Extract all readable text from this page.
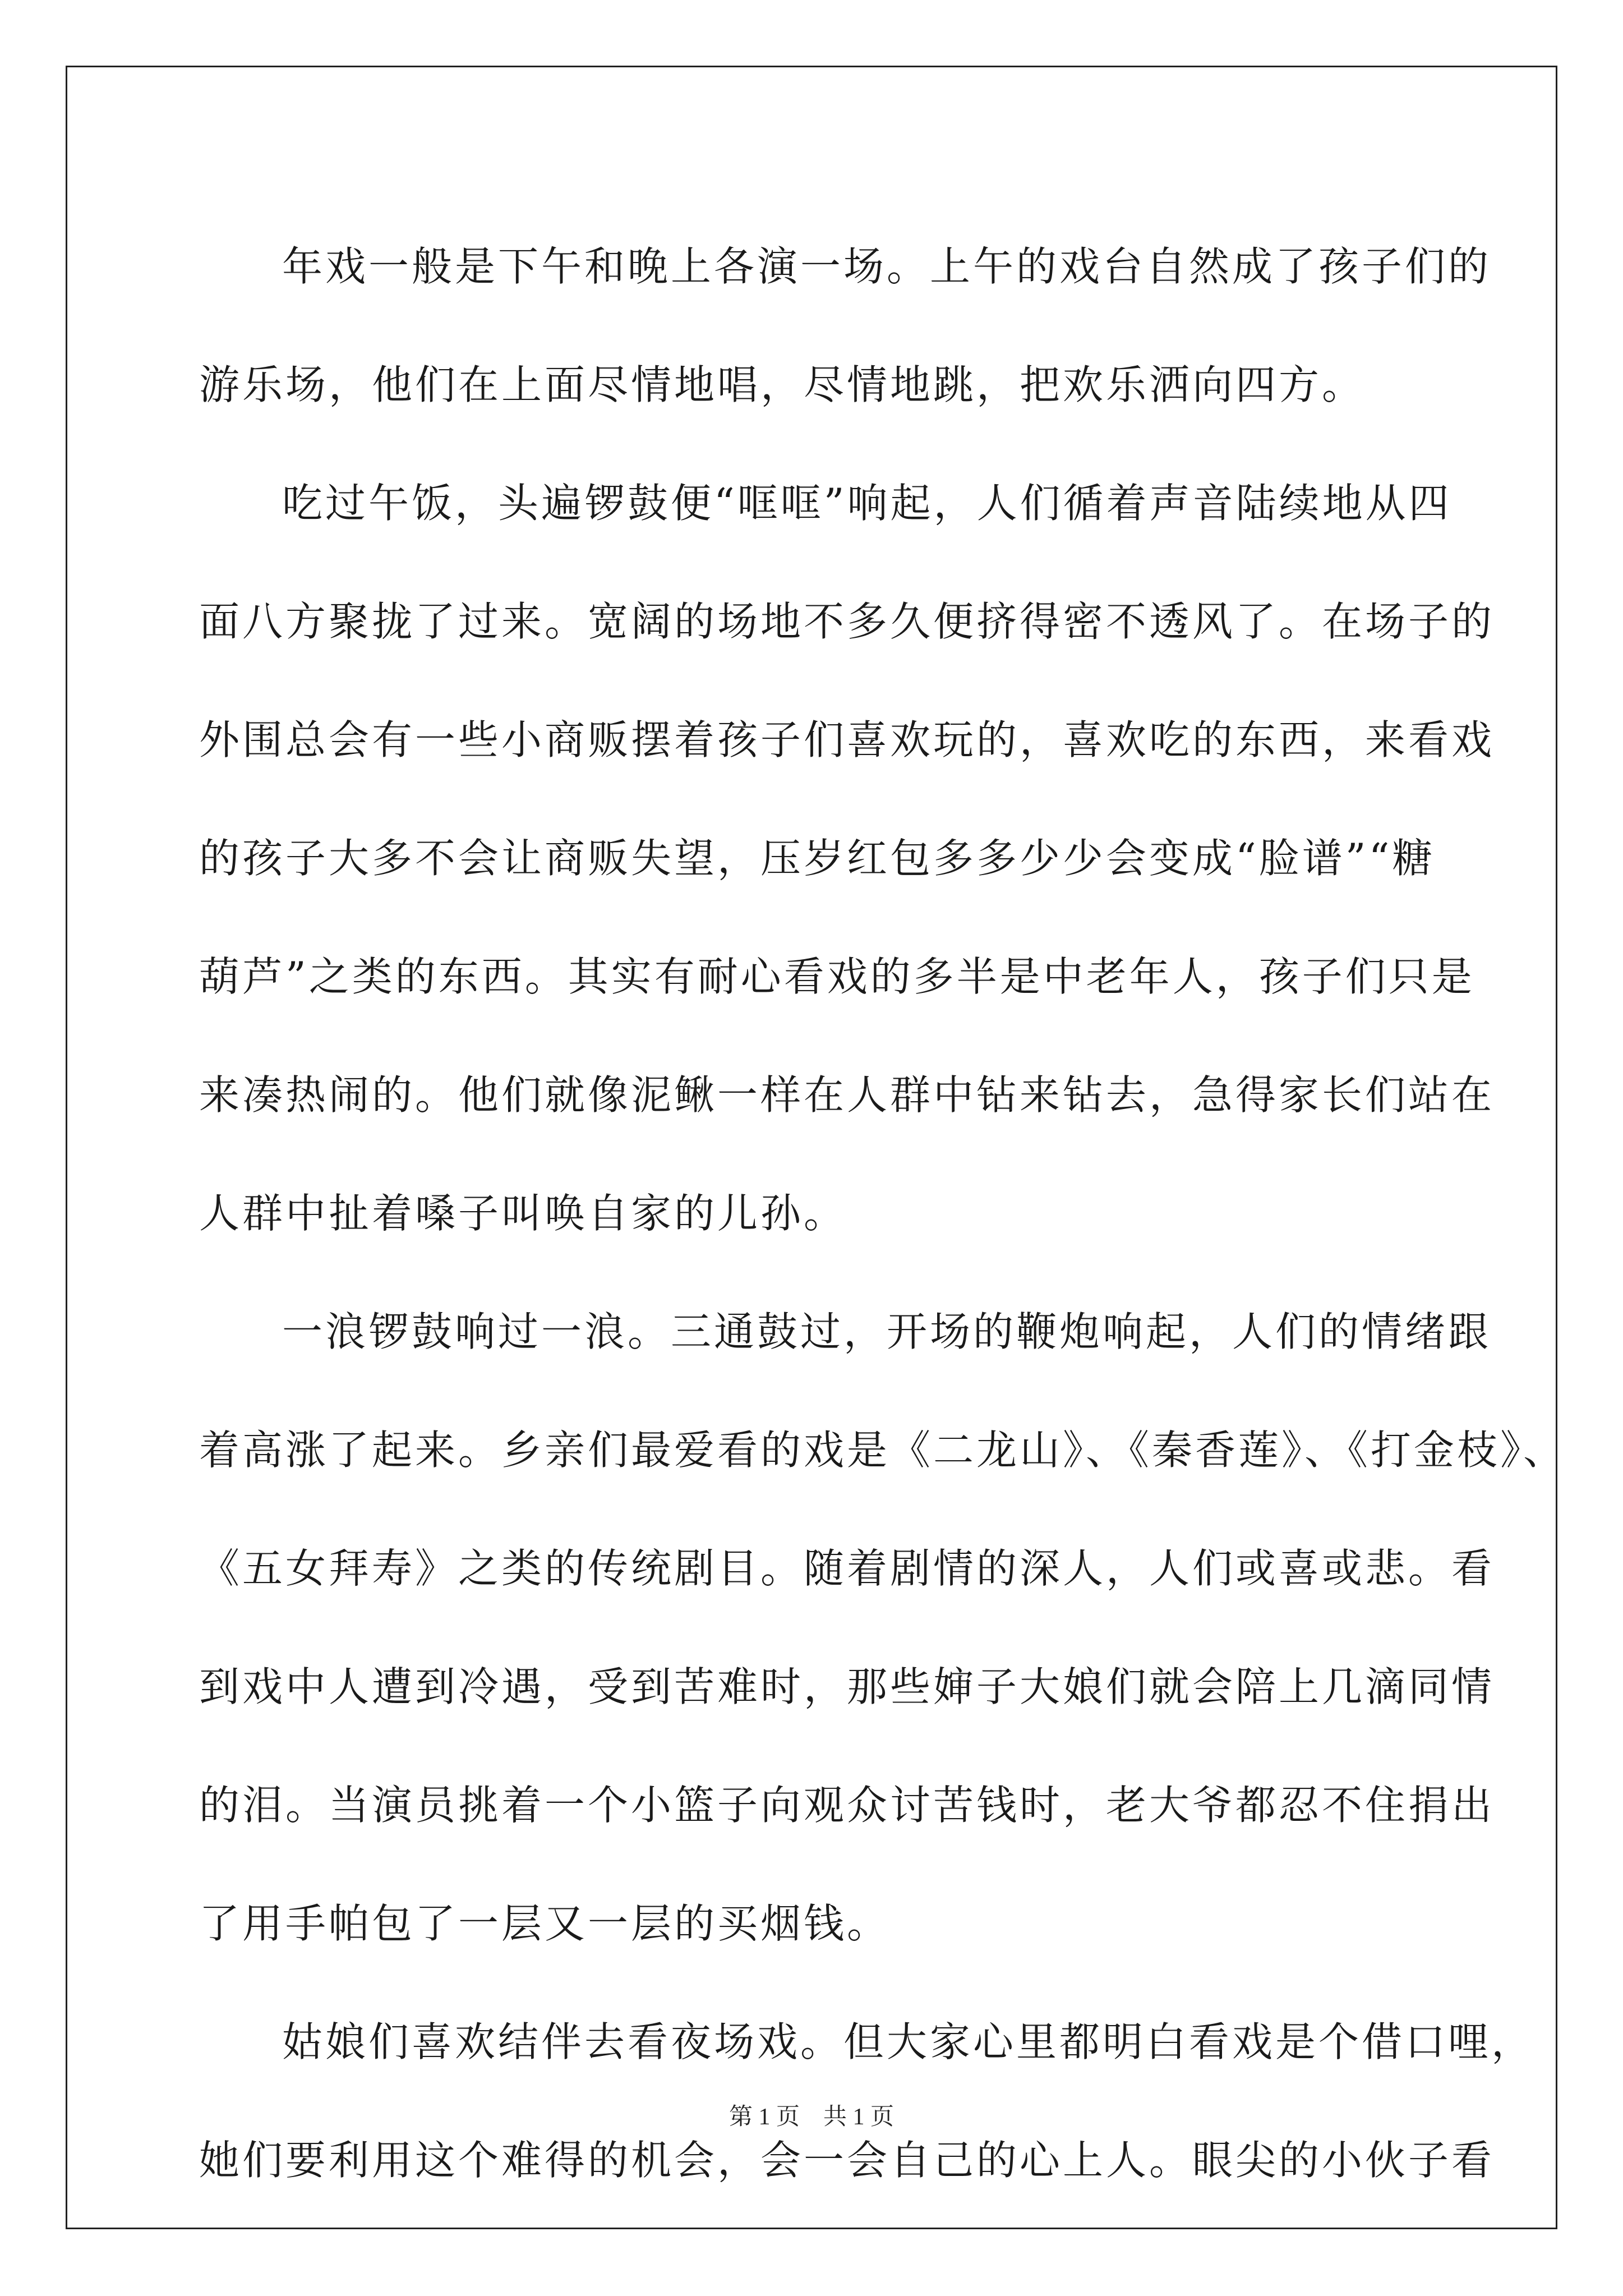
年戏一般是下午和晚上各演一场。上午的戏台自然成了孩子们的
游乐场，他们在上面尽情地唱，尽情地跳，把欢乐洒向四方。
吃过午饭，头遍锣鼓便“哐哐”响起，人们循着声音陆续地从四
面八方聚拢了过来。宽阔的场地不多久便挤得密不透风了。在场子的
外围总会有一些小商贩摆着孩子们喜欢玩的，喜欢吃的东西，来看戏
的孩子大多不会让商贩失望，压岁红包多多少少会变成“脸谱”“糖
葫芦”之类的东西。其实有耐心看戏的多半是中老年人，孩子们只是
来凑热闹的。他们就像泥鳅一样在人群中钻来钻去，急得家长们站在
人群中扯着嗓子叫唤自家的儿孙。
一浪锣鼓响过一浪。三通鼓过，开场的鞭炮响起，人们的情绪跟
着高涨了起来。乡亲们最爱看的戏是《二龙山》、《秦香莲》、《打金枝》、
《五女拜寿》之类的传统剧目。随着剧情的深人，人们或喜或悲。看
到戏中人遭到冷遇，受到苦难时，那些婶子大娘们就会陪上几滴同情
的泪。当演员挑着一个小篮子向观众讨苦钱时，老大爷都忍不住捐出
了用手帕包了一层又一层的买烟钱。
姑娘们喜欢结伴去看夜场戏。但大家心里都明白看戏是个借口哩，
她们要利用这个难得的机会，会一会自己的心上人。眼尖的小伙子看
第 1 页　共 1 页
